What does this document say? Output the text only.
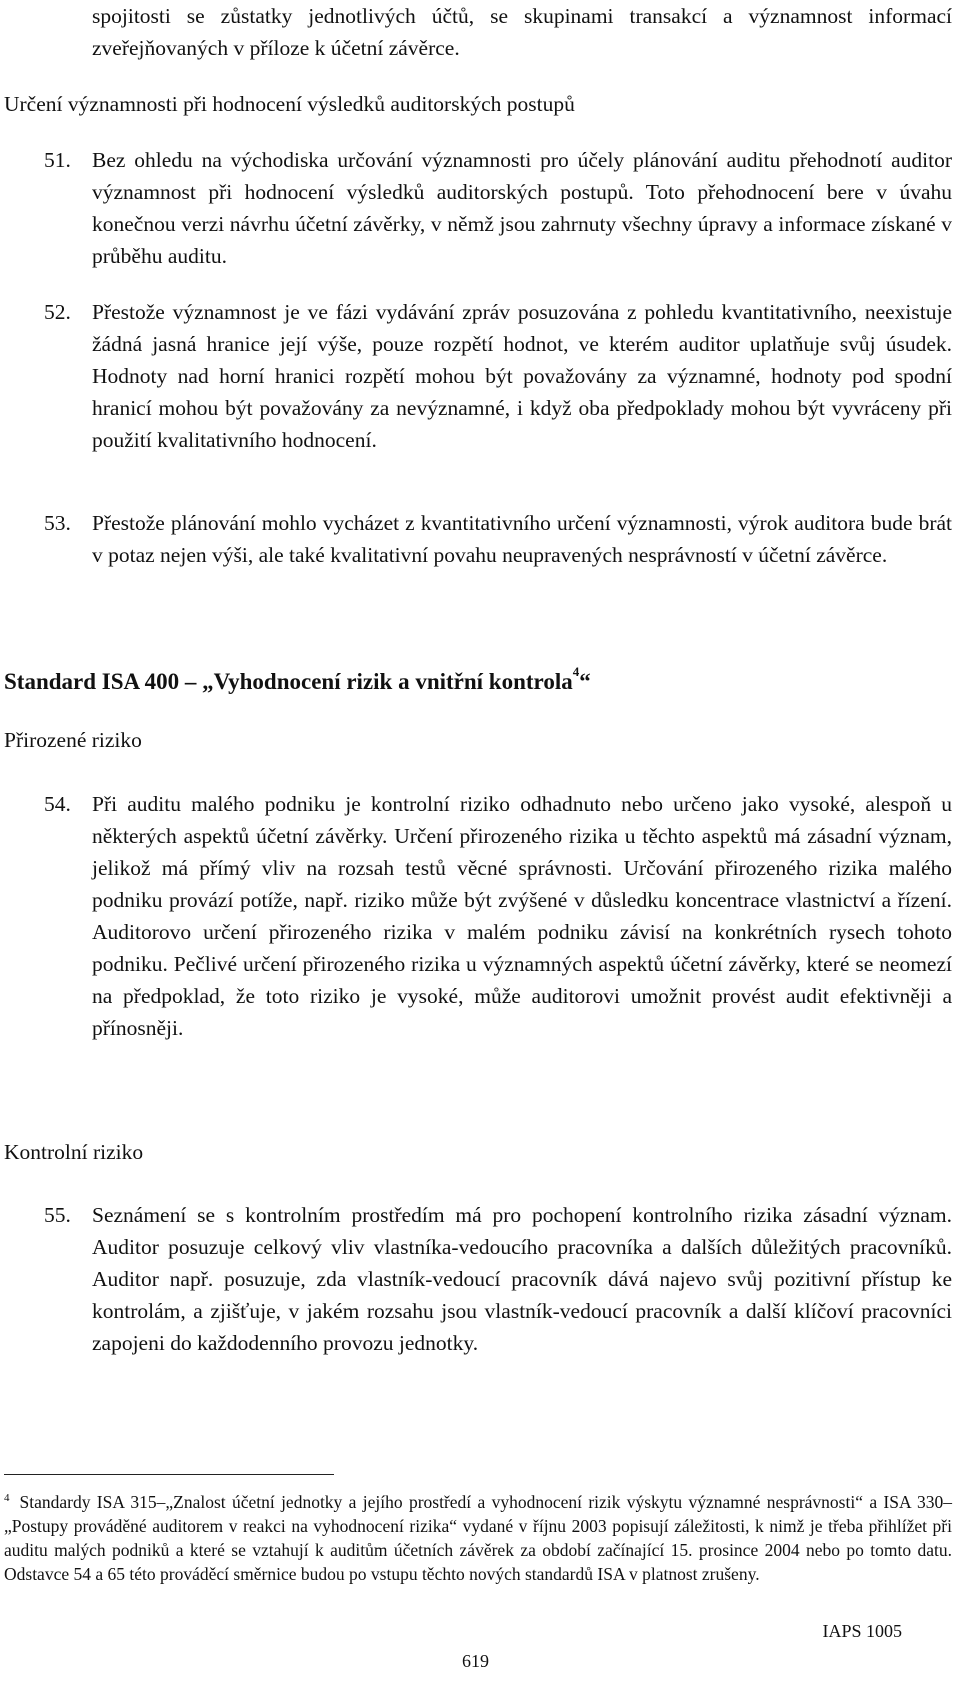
spojitosti se zůstatky jednotlivých účtů, se skupinami transakcí a významnost informací zveřejňovaných v příloze k účetní závěrce.

Určení významnosti při hodnocení výsledků auditorských postupů

51. Bez ohledu na východiska určování významnosti pro účely plánování auditu přehodnotí auditor významnost při hodnocení výsledků auditorských postupů. Toto přehodnocení bere v úvahu konečnou verzi návrhu účetní závěrky, v němž jsou zahrnuty všechny úpravy a informace získané v průběhu auditu.

52. Přestože významnost je ve fázi vydávání zpráv posuzována z pohledu kvantitativního, neexistuje žádná jasná hranice její výše, pouze rozpětí hodnot, ve kterém auditor uplatňuje svůj úsudek. Hodnoty nad horní hranici rozpětí mohou být považovány za významné, hodnoty pod spodní hranicí mohou být považovány za nevýznamné, i když oba předpoklady mohou být vyvráceny při použití kvalitativního hodnocení.

53. Přestože plánování mohlo vycházet z kvantitativního určení významnosti, výrok auditora bude brát v potaz nejen výši, ale také kvalitativní povahu neupravených nesprávností v účetní závěrce.

Standard ISA 400 – „Vyhodnocení rizik a vnitřní kontrola$^4$“

Přirozené riziko

54. Při auditu malého podniku je kontrolní riziko odhadnuto nebo určeno jako vysoké, alespoň u některých aspektů účetní závěrky. Určení přirozeného rizika u těchto aspektů má zásadní význam, jelikož má přímý vliv na rozsah testů věcné správnosti. Určování přirozeného rizika malého podniku provází potíže, např. riziko může být zvýšené v důsledku koncentrace vlastnictví a řízení. Auditorovo určení přirozeného rizika v malém podniku závisí na konkrétních rysech tohoto podniku. Pečlivé určení přirozeného rizika u významných aspektů účetní závěrky, které se neomezí na předpoklad, že toto riziko je vysoké, může auditorovi umožnit provést audit efektivněji a přínosněji.

Kontrolní riziko

55. Seznámení se s kontrolním prostředím má pro pochopení kontrolního rizika zásadní význam. Auditor posuzuje celkový vliv vlastníka-vedoucího pracovníka a dalších důležitých pracovníků. Auditor např. posuzuje, zda vlastník-vedoucí pracovník dává najevo svůj pozitivní přístup ke kontrolám, a zjišťuje, v jakém rozsahu jsou vlastník-vedoucí pracovník a další klíčoví pracovníci zapojeni do každodenního provozu jednotky.

$^4$ Standardy ISA 315–„Znalost účetní jednotky a jejího prostředí a vyhodnocení rizik výskytu významné nesprávnosti“ a ISA 330–„Postupy prováděné auditorem v reakci na vyhodnocení rizika“ vydané v říjnu 2003 popisují záležitosti, k nimž je třeba přihlížet při auditu malých podniků a které se vztahují k auditům účetních závěrek za období začínající 15. prosince 2004 nebo po tomto datu. Odstavce 54 a 65 této prováděcí směrnice budou po vstupu těchto nových standardů ISA v platnost zrušeny.

IAPS 1005
619
